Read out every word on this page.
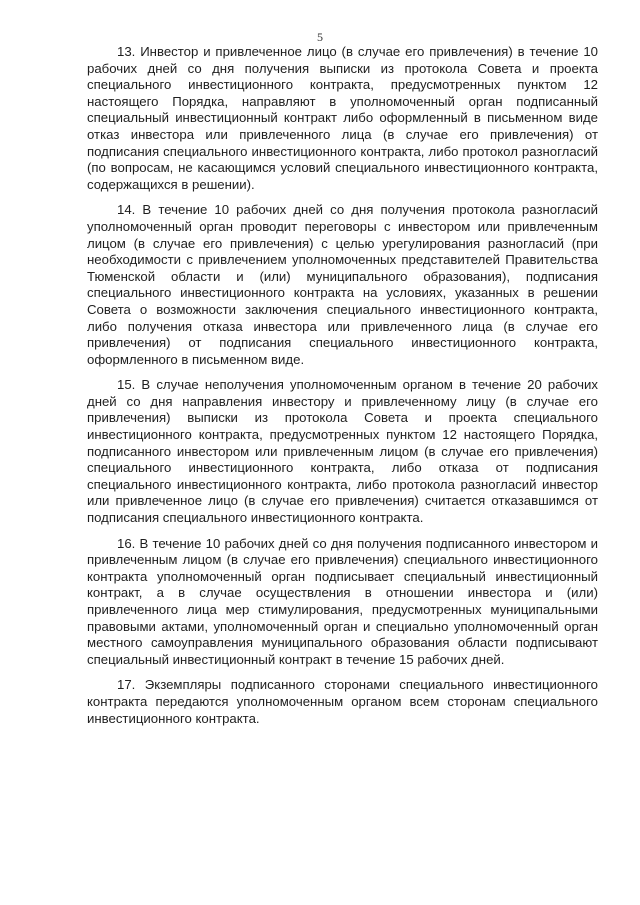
5

13. Инвестор и привлеченное лицо (в случае его привлечения) в течение 10 рабочих дней со дня получения выписки из протокола Совета и проекта специального инвестиционного контракта, предусмотренных пунктом 12 настоящего Порядка, направляют в уполномоченный орган подписанный специальный инвестиционный контракт либо оформленный в письменном виде отказ инвестора или привлеченного лица (в случае его привлечения) от подписания специального инвестиционного контракта, либо протокол разногласий (по вопросам, не касающимся условий специального инвестиционного контракта, содержащихся в решении).

14. В течение 10 рабочих дней со дня получения протокола разногласий уполномоченный орган проводит переговоры с инвестором или привлеченным лицом (в случае его привлечения) с целью урегулирования разногласий (при необходимости с привлечением уполномоченных представителей Правительства Тюменской области и (или) муниципального образования), подписания специального инвестиционного контракта на условиях, указанных в решении Совета о возможности заключения специального инвестиционного контракта, либо получения отказа инвестора или привлеченного лица (в случае его привлечения) от подписания специального инвестиционного контракта, оформленного в письменном виде.

15. В случае неполучения уполномоченным органом в течение 20 рабочих дней со дня направления инвестору и привлеченному лицу (в случае его привлечения) выписки из протокола Совета и проекта специального инвестиционного контракта, предусмотренных пунктом 12 настоящего Порядка, подписанного инвестором или привлеченным лицом (в случае его привлечения) специального инвестиционного контракта, либо отказа от подписания специального инвестиционного контракта, либо протокола разногласий инвестор или привлеченное лицо (в случае его привлечения) считается отказавшимся от подписания специального инвестиционного контракта.

16. В течение 10 рабочих дней со дня получения подписанного инвестором и привлеченным лицом (в случае его привлечения) специального инвестиционного контракта уполномоченный орган подписывает специальный инвестиционный контракт, а в случае осуществления в отношении инвестора и (или) привлеченного лица мер стимулирования, предусмотренных муниципальными правовыми актами, уполномоченный орган и специально уполномоченный орган местного самоуправления муниципального образования области подписывают специальный инвестиционный контракт в течение 15 рабочих дней.

17. Экземпляры подписанного сторонами специального инвестиционного контракта передаются уполномоченным органом всем сторонам специального инвестиционного контракта.
